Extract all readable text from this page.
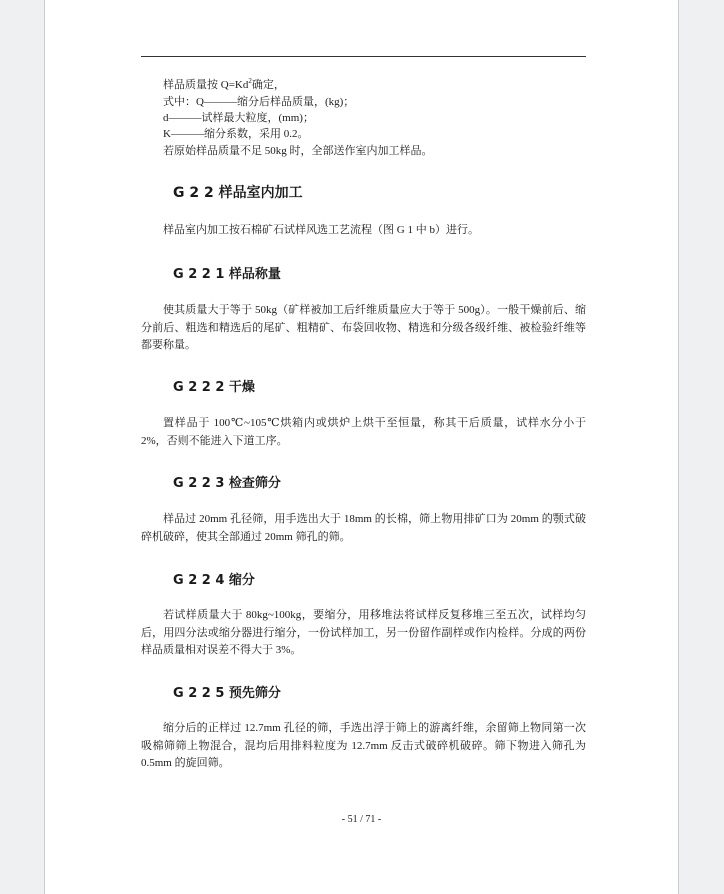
样品质量按 $Q=Kd^2$确定，
式中：Q———缩分后样品质量，(kg)；
d———试样最大粒度，(mm)；
K———缩分系数，采用 0.2。
若原始样品质量不足 50kg 时，全部送作室内加工样品。
G 2 2 样品室内加工
样品室内加工按石棉矿石试样风选工艺流程（图 G 1 中 b）进行。
G 2 2 1 样品称量
使其质量大于等于 50kg（矿样被加工后纤维质量应大于等于 500g）。一般干燥前后、缩分前后、粗选和精选后的尾矿、粗精矿、布袋回收物、精选和分级各级纤维、被检验纤维等都要称量。
G 2 2 2 干燥
置样品于 100℃~105℃烘箱内或烘炉上烘干至恒量，称其干后质量，试样水分小于 2%，否则不能进入下道工序。
G 2 2 3 检查筛分
样品过 20mm 孔径筛，用手选出大于 18mm 的长棉，筛上物用排矿口为 20mm 的颚式破碎机破碎，使其全部通过 20mm 筛孔的筛。
G 2 2 4 缩分
若试样质量大于 80kg~100kg，要缩分，用移堆法将试样反复移堆三至五次，试样均匀后，用四分法或缩分器进行缩分，一份试样加工，另一份留作副样或作内检样。分成的两份样品质量相对误差不得大于 3%。
G 2 2 5 预先筛分
缩分后的正样过 12.7mm 孔径的筛，手选出浮于筛上的游离纤维，余留筛上物同第一次吸棉筛筛上物混合，混均后用排料粒度为 12.7mm 反击式破碎机破碎。筛下物进入筛孔为 0.5mm 的旋回筛。
- 51 / 71 -
